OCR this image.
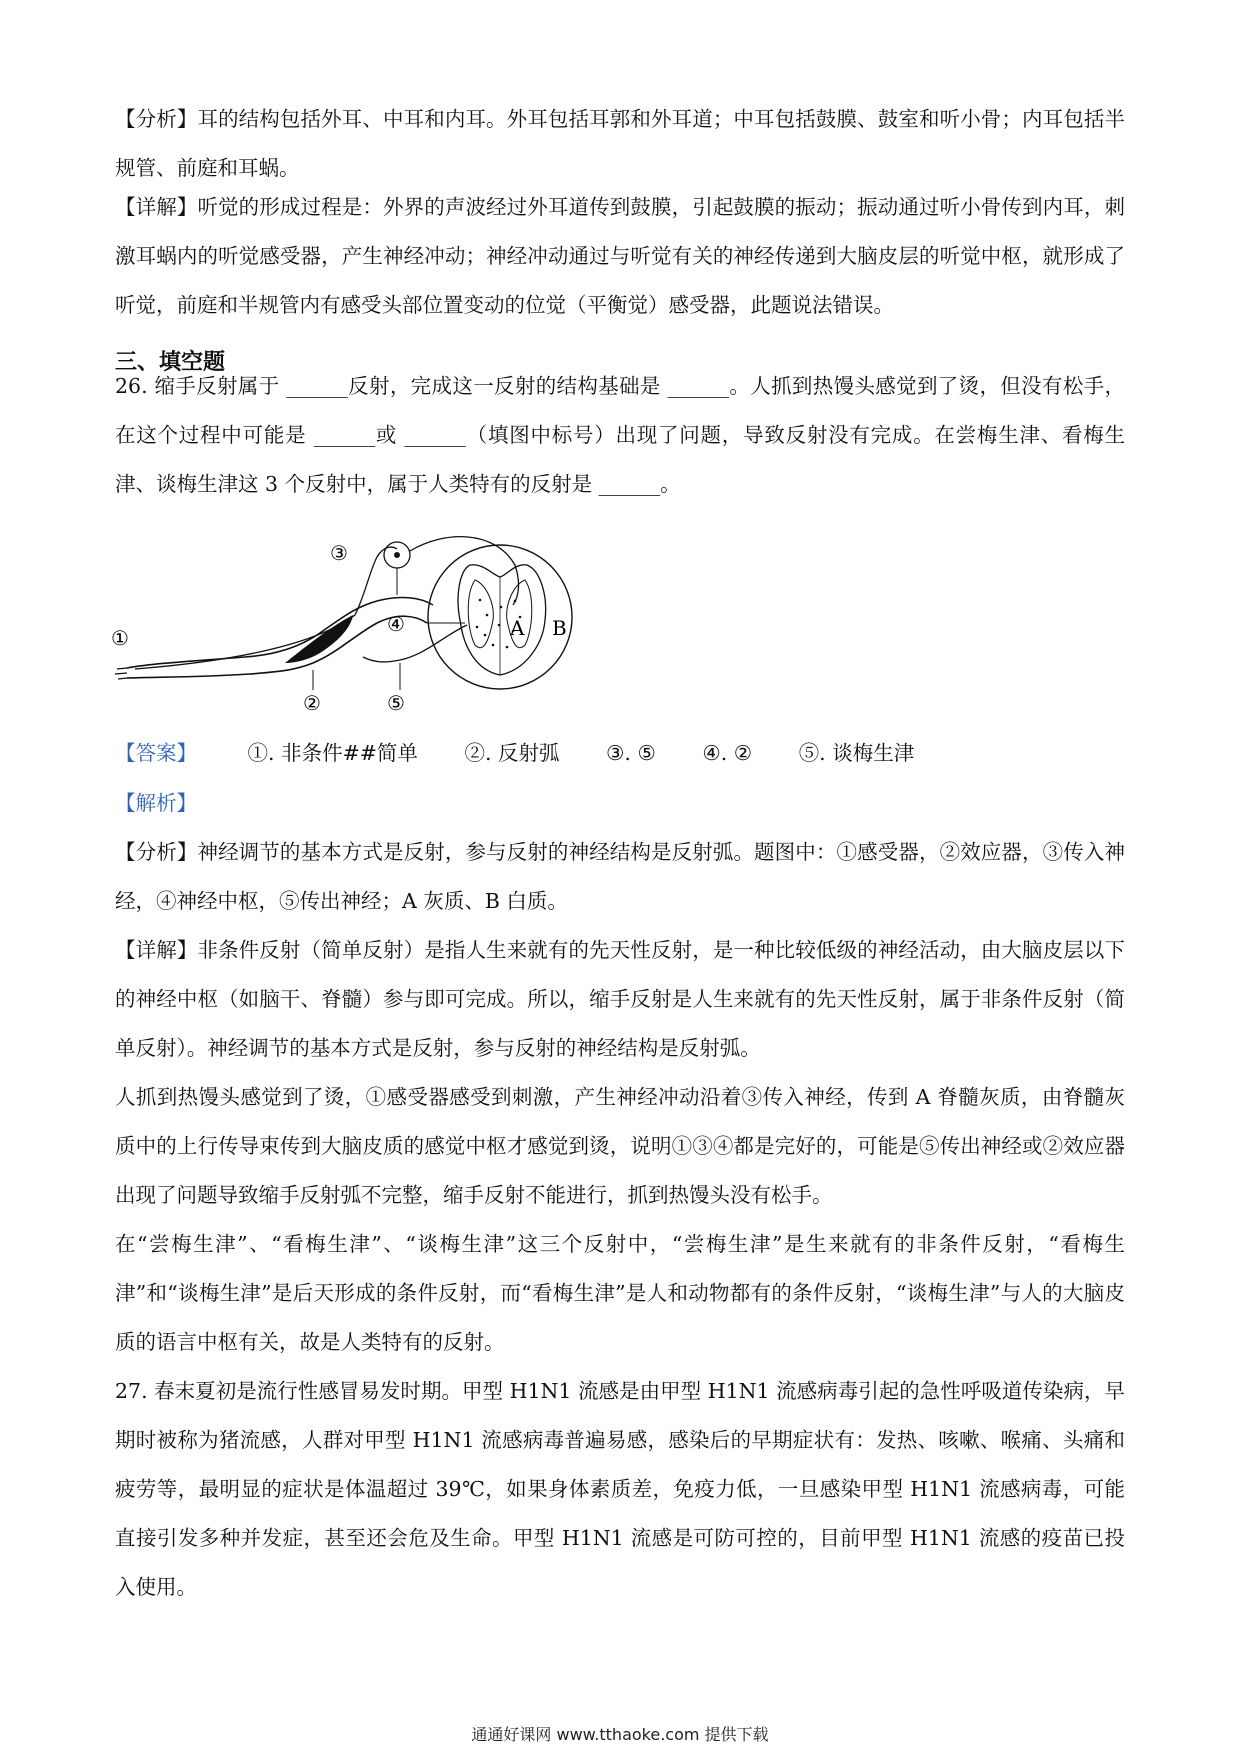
【分析】耳的结构包括外耳、中耳和内耳。外耳包括耳郭和外耳道；中耳包括鼓膜、鼓室和听小骨；内耳包括半规管、前庭和耳蜗。

【详解】听觉的形成过程是：外界的声波经过外耳道传到鼓膜，引起鼓膜的振动；振动通过听小骨传到内耳，刺激耳蜗内的听觉感受器，产生神经冲动；神经冲动通过与听觉有关的神经传递到大脑皮层的听觉中枢，就形成了听觉，前庭和半规管内有感受头部位置变动的位觉（平衡觉）感受器，此题说法错误。

三、填空题

26. 缩手反射属于 ______反射，完成这一反射的结构基础是 ______。人抓到热馒头感觉到了烫，但没有松手，在这个过程中可能是 ______或 ______（填图中标号）出现了问题，导致反射没有完成。在尝梅生津、看梅生津、谈梅生津这 3 个反射中，属于人类特有的反射是 ______。

①
②
③
④
⑤
A B
【答案】 ①. 非条件##简单 ②. 反射弧 ③. ⑤ ④. ② ⑤. 谈梅生津
【解析】

【分析】神经调节的基本方式是反射，参与反射的神经结构是反射弧。题图中：①感受器，②效应器，③传入神经，④神经中枢，⑤传出神经；A 灰质、B 白质。

【详解】非条件反射（简单反射）是指人生来就有的先天性反射，是一种比较低级的神经活动，由大脑皮层以下的神经中枢（如脑干、脊髓）参与即可完成。所以，缩手反射是人生来就有的先天性反射，属于非条件反射（简单反射）。神经调节的基本方式是反射，参与反射的神经结构是反射弧。

人抓到热馒头感觉到了烫，①感受器感受到刺激，产生神经冲动沿着③传入神经，传到 A 脊髓灰质，由脊髓灰质中的上行传导束传到大脑皮质的感觉中枢才感觉到烫，说明①③④都是完好的，可能是⑤传出神经或②效应器出现了问题导致缩手反射弧不完整，缩手反射不能进行，抓到热馒头没有松手。

在“尝梅生津”、“看梅生津”、“谈梅生津”这三个反射中，“尝梅生津”是生来就有的非条件反射，“看梅生津”和“谈梅生津”是后天形成的条件反射，而“看梅生津”是人和动物都有的条件反射，“谈梅生津”与人的大脑皮质的语言中枢有关，故是人类特有的反射。

27. 春末夏初是流行性感冒易发时期。甲型 H1N1 流感是由甲型 H1N1 流感病毒引起的急性呼吸道传染病，早期时被称为猪流感，人群对甲型 H1N1 流感病毒普遍易感，感染后的早期症状有：发热、咳嗽、喉痛、头痛和疲劳等，最明显的症状是体温超过 39℃，如果身体素质差，免疫力低，一旦感染甲型 H1N1 流感病毒，可能直接引发多种并发症，甚至还会危及生命。甲型 H1N1 流感是可防可控的，目前甲型 H1N1 流感的疫苗已投入使用。

通通好课网 www.tthaoke.com 提供下载
